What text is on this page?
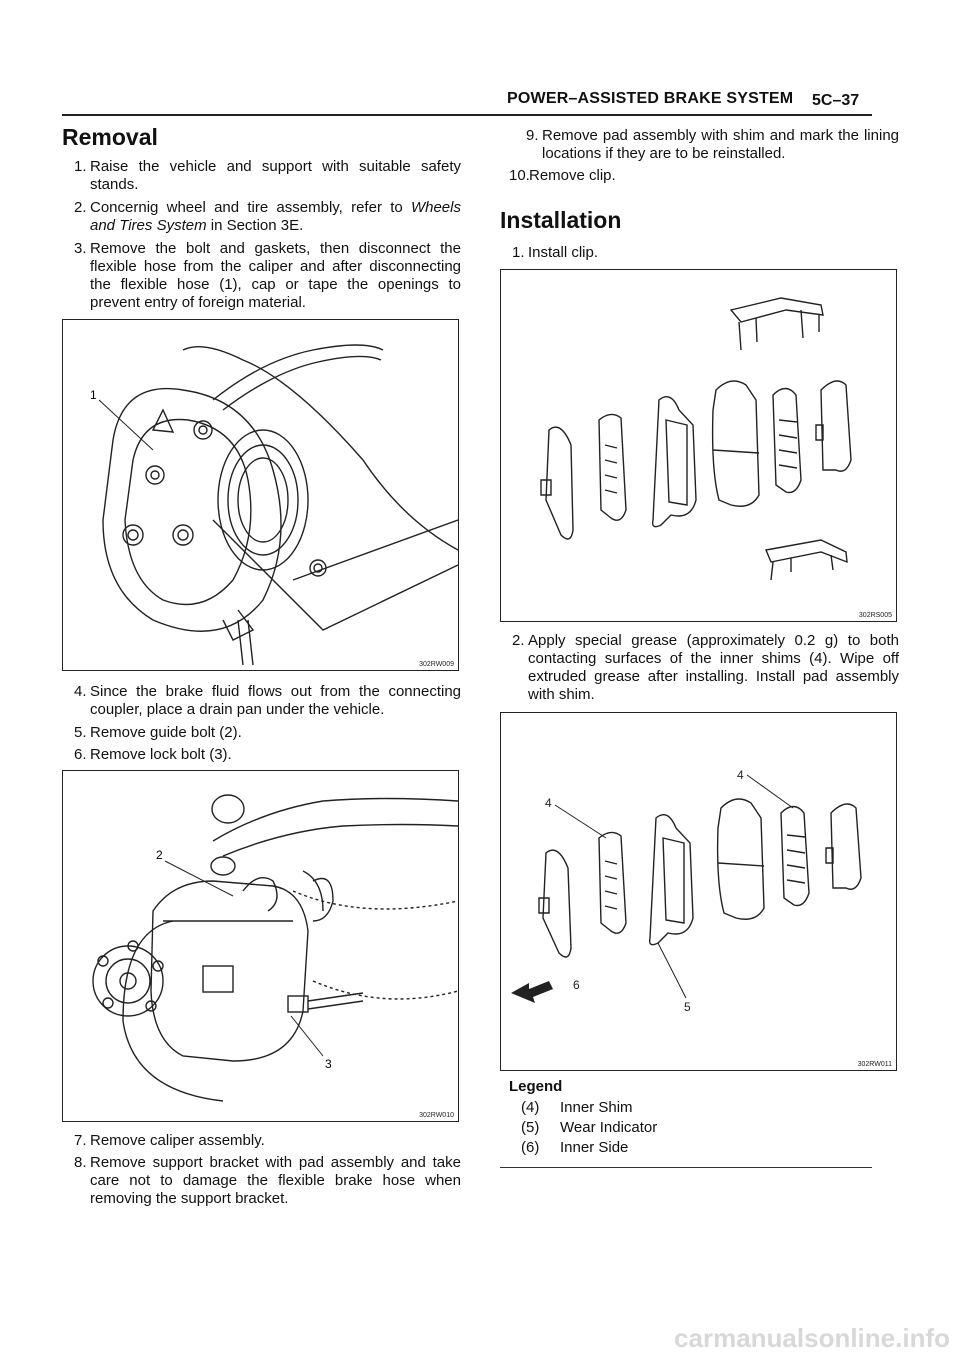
POWER–ASSISTED BRAKE SYSTEM 5C–37
Removal
1. Raise the vehicle and support with suitable safety stands.
2. Concernig wheel and tire assembly, refer to Wheels and Tires System in Section 3E.
3. Remove the bolt and gaskets, then disconnect the flexible hose from the caliper and after disconnecting the flexible hose (1), cap or tape the openings to prevent entry of foreign material.
1
302RW009
4. Since the brake fluid flows out from the connecting coupler, place a drain pan under the vehicle.
5. Remove guide bolt (2).
6. Remove lock bolt (3).
2
3
302RW010
7. Remove caliper assembly.
8. Remove support bracket with pad assembly and take care not to damage the flexible brake hose when removing the support bracket.
9. Remove pad assembly with shim and mark the lining locations if they are to be reinstalled.
10. Remove clip.
Installation
1. Install clip.
302RS005
2. Apply special grease (approximately 0.2 g) to both contacting surfaces of the inner shims (4). Wipe off extruded grease after installing. Install pad assembly with shim.
4
4
6
5
302RW011
Legend
(4) Inner Shim
(5) Wear Indicator
(6) Inner Side
carmanualsonline.info
